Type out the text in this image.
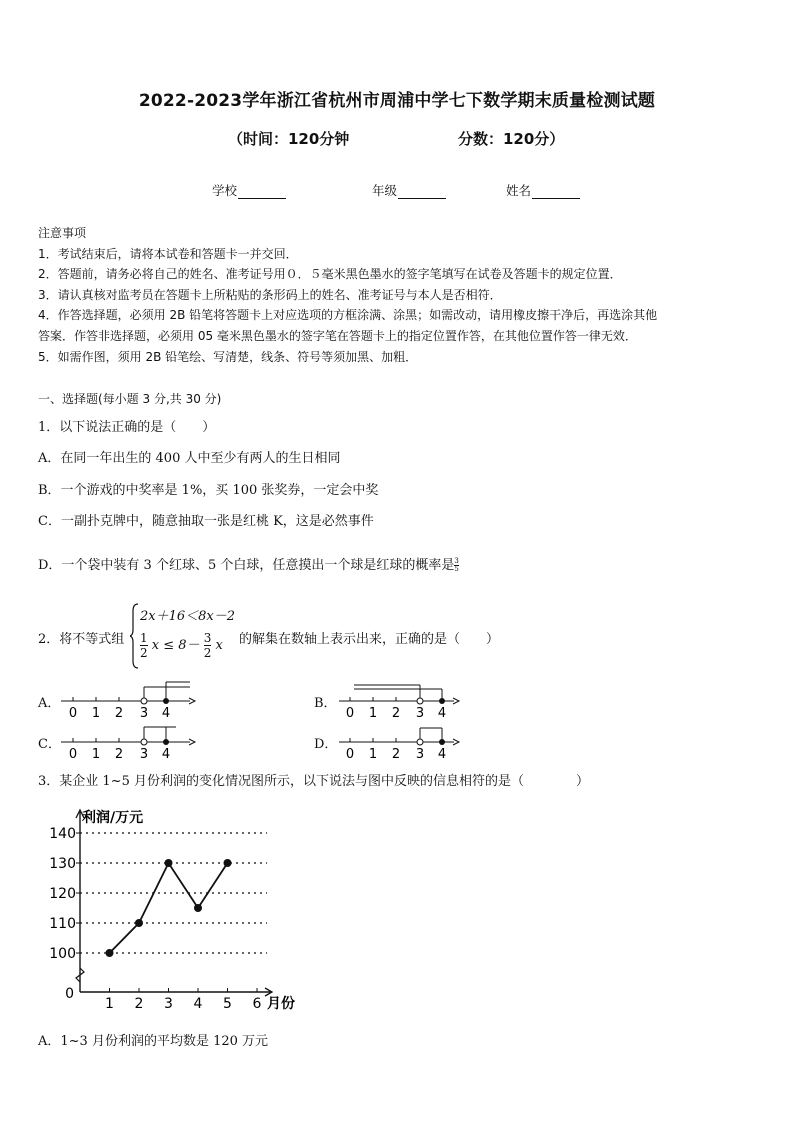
2022-2023学年浙江省杭州市周浦中学七下数学期末质量检测试题
（时间：120分钟	分数：120分）
学校	年级	姓名
注意事项
1．考试结束后，请将本试卷和答题卡一并交回．
2．答题前，请务必将自己的姓名、准考证号用０．５毫米黑色墨水的签字笔填写在试卷及答题卡的规定位置．
3．请认真核对监考员在答题卡上所粘贴的条形码上的姓名、准考证号与本人是否相符．
4．作答选择题，必须用 2B 铅笔将答题卡上对应选项的方框涂满、涂黑；如需改动，请用橡皮擦干净后，再选涂其他
答案．作答非选择题，必须用 05 毫米黑色墨水的签字笔在答题卡上的指定位置作答，在其他位置作答一律无效．
5．如需作图，须用 2B 铅笔绘、写清楚，线条、符号等须加黑、加粗．
一、选择题(每小题 3 分,共 30 分)
1．以下说法正确的是（　　）
A．在同一年出生的 400 人中至少有两人的生日相同
B．一个游戏的中奖率是 1%，买 100 张奖券，一定会中奖
C．一副扑克牌中，随意抽取一张是红桃 K，这是必然事件
D．一个袋中装有 3 个红球、5 个白球，任意摸出一个球是红球的概率是 $\frac{3}{5}$
2．将不等式组
2x＋16＜8x－2
$\frac{1}{2}$ $x \le 8- \frac{3}{2}$ x 的解集在数轴上表示出来，正确的是（　　）
A．	B．
C．	D．
0 1 2 3 4	0 1 2 3 4
0 1 2 3 4	0 1 2 3 4
3．某企业 1~5 月份利润的变化情况图所示，以下说法与图中反映的信息相符的是（　　　　）
100
110
120
130
140
0
1 2 3 4 5 6
利润/万元
月份
A．1~3 月份利润的平均数是 120 万元
